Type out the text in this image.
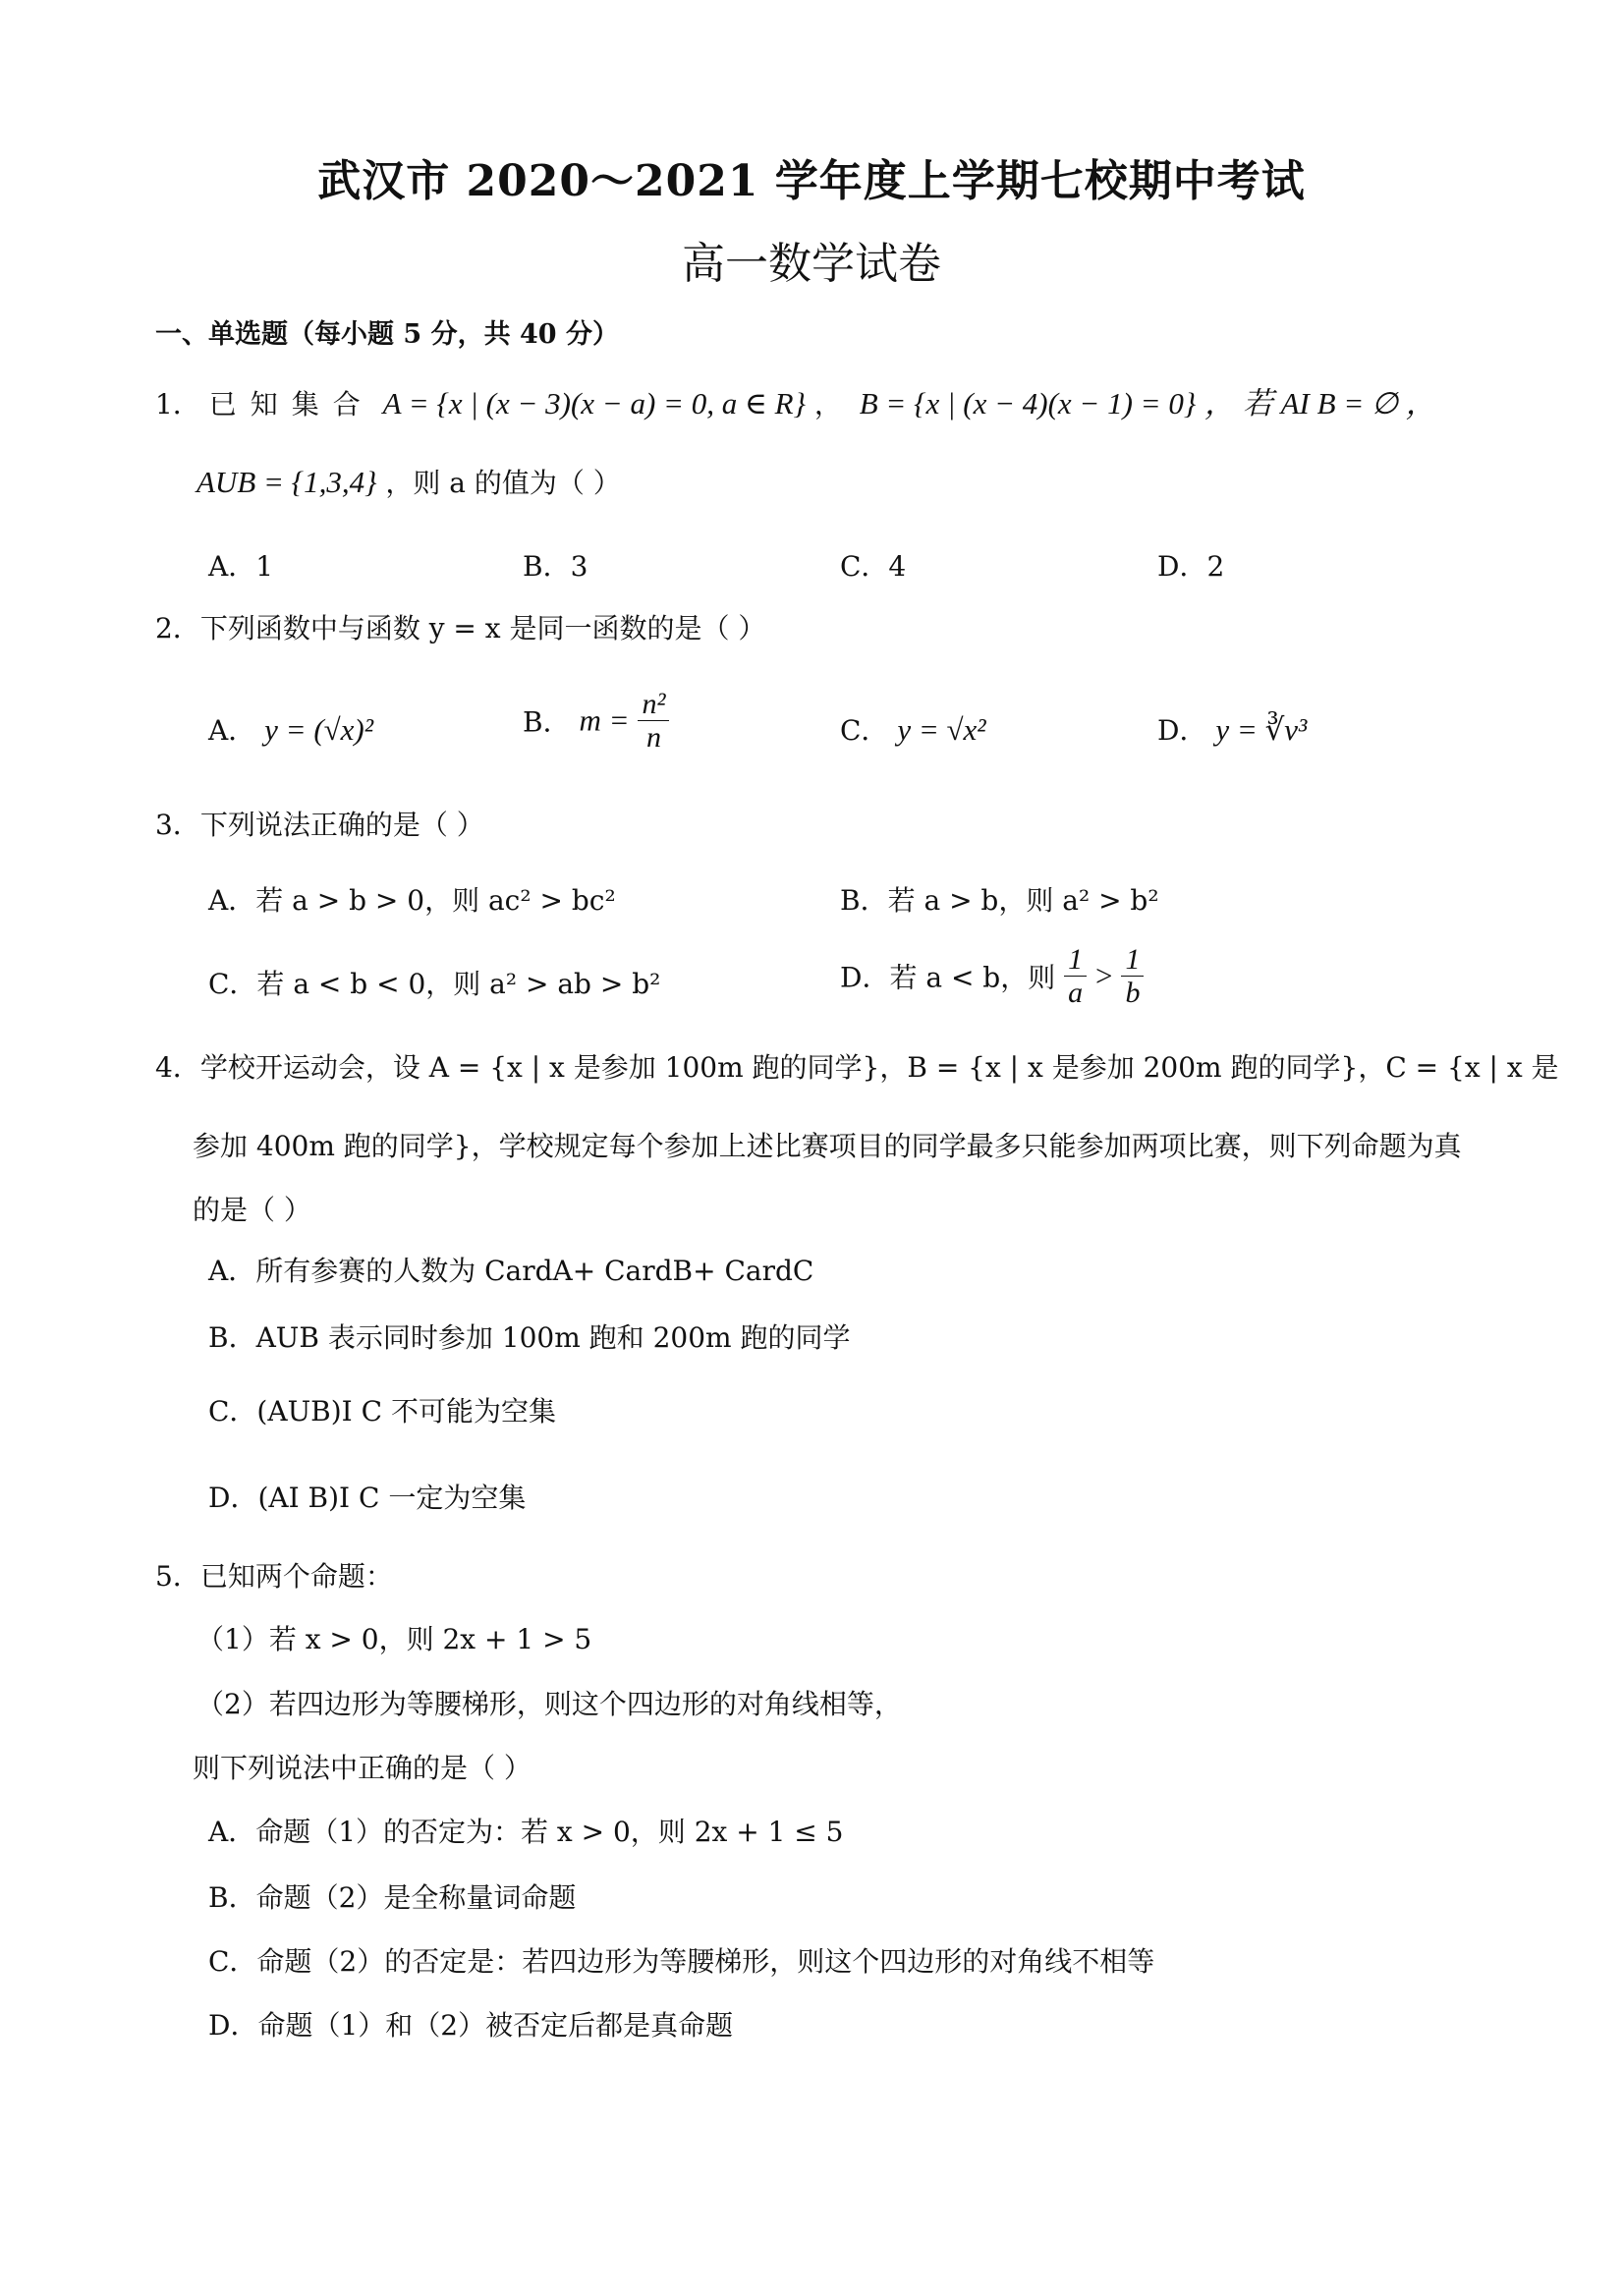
武汉市 2020～2021 学年度上学期七校期中考试
高一数学试卷
一、单选题（每小题 5 分，共 40 分）
1． 已知集合 A = {x | (x − 3)(x − a) = 0, a ∈ R} ， B = {x | (x − 4)(x − 1) = 0} ， 若 AI B = ∅ ，
AUB = {1,3,4} ，则 a 的值为（ ）
A．1	B．3	C．4	D．2
2．下列函数中与函数 y = x 是同一函数的是（ ）
A． y = (√x)²	B． $m = \frac{\text{n²}}{n}$	C． y = √x²	D． y = ∛v³
3．下列说法正确的是（ ）
A．若 a > b > 0，则 ac² > bc²	B．若 a > b，则 a² > b²
C．若 a < b < 0，则 a² > ab > b²	D．若 a < b，则 $\frac{1}{a} > \frac{1}{b}$
4．学校开运动会，设 A = {x | x 是参加 100m 跑的同学}，B = {x | x 是参加 200m 跑的同学}，C = {x | x 是
参加 400m 跑的同学}，学校规定每个参加上述比赛项目的同学最多只能参加两项比赛，则下列命题为真
的是（ ）
A．所有参赛的人数为 CardA+ CardB+ CardC
B．AUB 表示同时参加 100m 跑和 200m 跑的同学
C．(AUB)I C 不可能为空集
D．(AI B)I C 一定为空集
5．已知两个命题：
（1）若 x > 0，则 2x + 1 > 5
（2）若四边形为等腰梯形，则这个四边形的对角线相等，
则下列说法中正确的是（ ）
A．命题（1）的否定为：若 x > 0，则 2x + 1 ≤ 5
B．命题（2）是全称量词命题
C．命题（2）的否定是：若四边形为等腰梯形，则这个四边形的对角线不相等
D．命题（1）和（2）被否定后都是真命题
